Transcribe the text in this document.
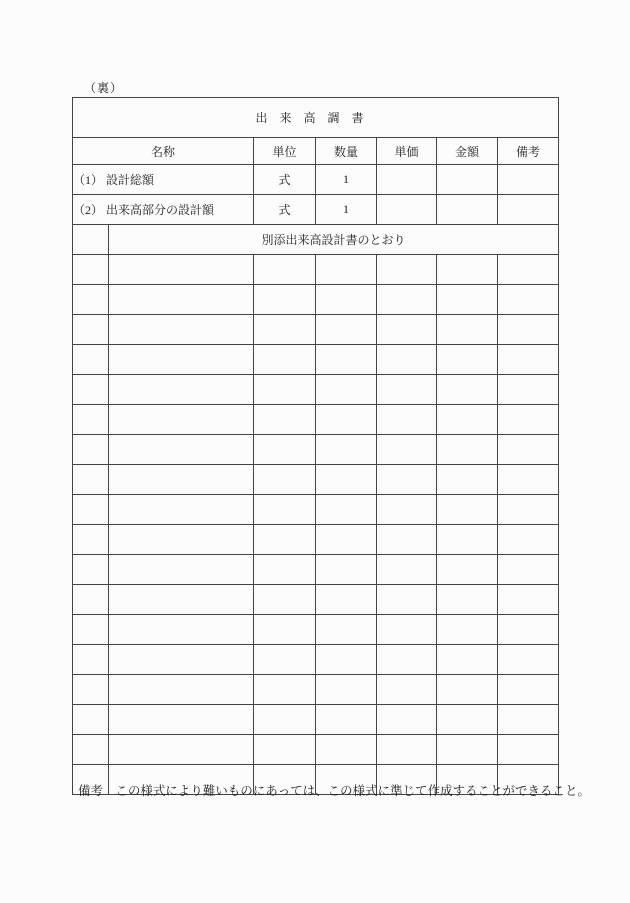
（裏）
出来高調書						
名称		単位	数量	単価	金額	備考
（1） 設計総額		式	1			
（2） 出来高部分の設計額		式	1			
	別添出来高設計書のとおり					

備考　この様式により難いものにあっては、この様式に準じて作成することができること。
